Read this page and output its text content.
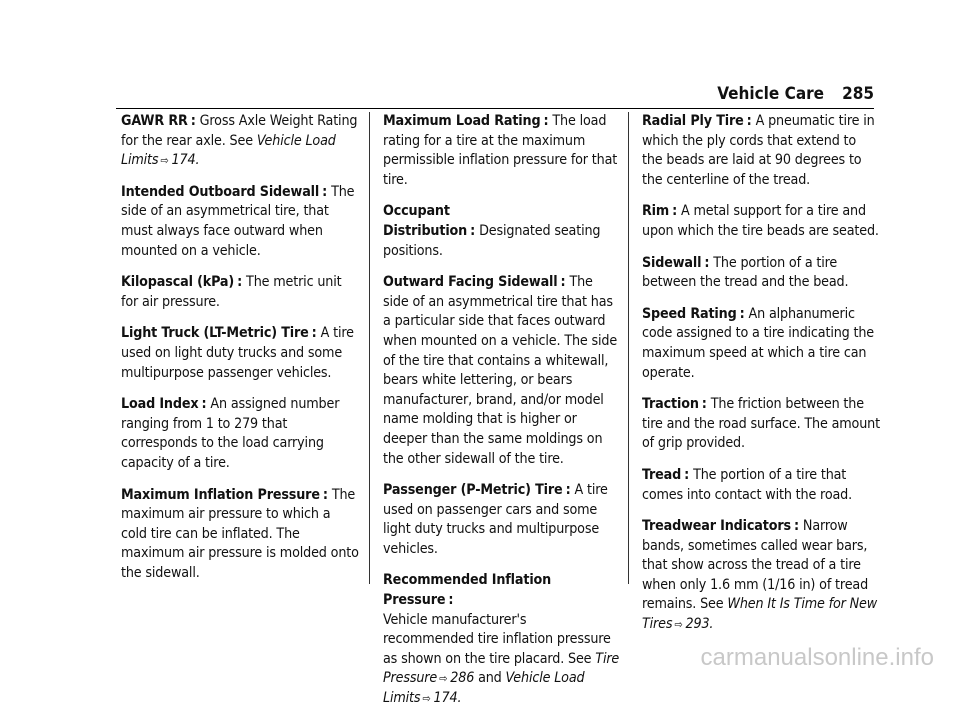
Vehicle Care 285

GAWR RR : Gross Axle Weight Rating for the rear axle. See Vehicle Load Limits ⇨ 174.

Intended Outboard Sidewall : The side of an asymmetrical tire, that must always face outward when mounted on a vehicle.

Kilopascal (kPa) : The metric unit for air pressure.

Light Truck (LT-Metric) Tire : A tire used on light duty trucks and some multipurpose passenger vehicles.

Load Index : An assigned number ranging from 1 to 279 that corresponds to the load carrying capacity of a tire.

Maximum Inflation Pressure : The maximum air pressure to which a cold tire can be inflated. The maximum air pressure is molded onto the sidewall.

Maximum Load Rating : The load rating for a tire at the maximum permissible inflation pressure for that tire.

Occupant Distribution : Designated seating positions.

Outward Facing Sidewall : The side of an asymmetrical tire that has a particular side that faces outward when mounted on a vehicle. The side of the tire that contains a whitewall, bears white lettering, or bears manufacturer, brand, and/or model name molding that is higher or deeper than the same moldings on the other sidewall of the tire.

Passenger (P-Metric) Tire : A tire used on passenger cars and some light duty trucks and multipurpose vehicles.

Recommended Inflation Pressure :
Vehicle manufacturer's recommended tire inflation pressure as shown on the tire placard. See Tire Pressure ⇨ 286 and Vehicle Load Limits ⇨ 174.

Radial Ply Tire : A pneumatic tire in which the ply cords that extend to the beads are laid at 90 degrees to the centerline of the tread.

Rim : A metal support for a tire and upon which the tire beads are seated.

Sidewall : The portion of a tire between the tread and the bead.

Speed Rating : An alphanumeric code assigned to a tire indicating the maximum speed at which a tire can operate.

Traction : The friction between the tire and the road surface. The amount of grip provided.

Tread : The portion of a tire that comes into contact with the road.

Treadwear Indicators : Narrow bands, sometimes called wear bars, that show across the tread of a tire when only 1.6 mm (1/16 in) of tread remains. See When It Is Time for New Tires ⇨ 293.

carmanualsonline.info
